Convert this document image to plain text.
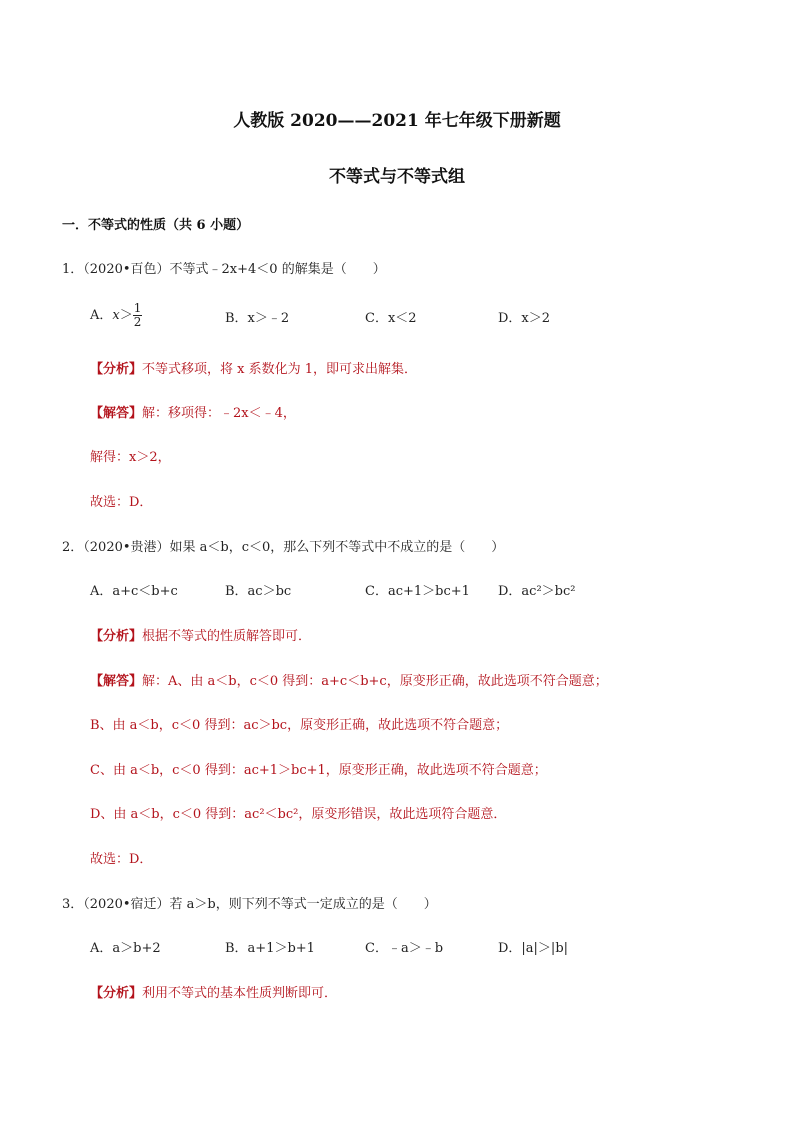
人教版 2020——2021 年七年级下册新题
不等式与不等式组
一．不等式的性质（共 6 小题）
1．（2020•百色）不等式﹣2x+4＜0 的解集是（　　）
A．$x> \frac{1}{2}$	B．x＞﹣2	C．x＜2	D．x＞2
【分析】不等式移项，将 x 系数化为 1，即可求出解集．
【解答】解：移项得：﹣2x＜﹣4，
解得：x＞2，
故选：D．
2．（2020•贵港）如果 a＜b，c＜0，那么下列不等式中不成立的是（　　）
A．a+c＜b+c	B．ac＞bc	C．ac+1＞bc+1 D．ac²＞bc²
【分析】根据不等式的性质解答即可．
【解答】解：A、由 a＜b，c＜0 得到：a+c＜b+c，原变形正确，故此选项不符合题意；
B、由 a＜b，c＜0 得到：ac＞bc，原变形正确，故此选项不符合题意；
C、由 a＜b，c＜0 得到：ac+1＞bc+1，原变形正确，故此选项不符合题意；
D、由 a＜b，c＜0 得到：ac²＜bc²，原变形错误，故此选项符合题意．
故选：D．
3．（2020•宿迁）若 a＞b，则下列不等式一定成立的是（　　）
A．a＞b+2	B．a+1＞b+1	C．﹣a＞﹣b	D．|a|＞|b|
【分析】利用不等式的基本性质判断即可．
